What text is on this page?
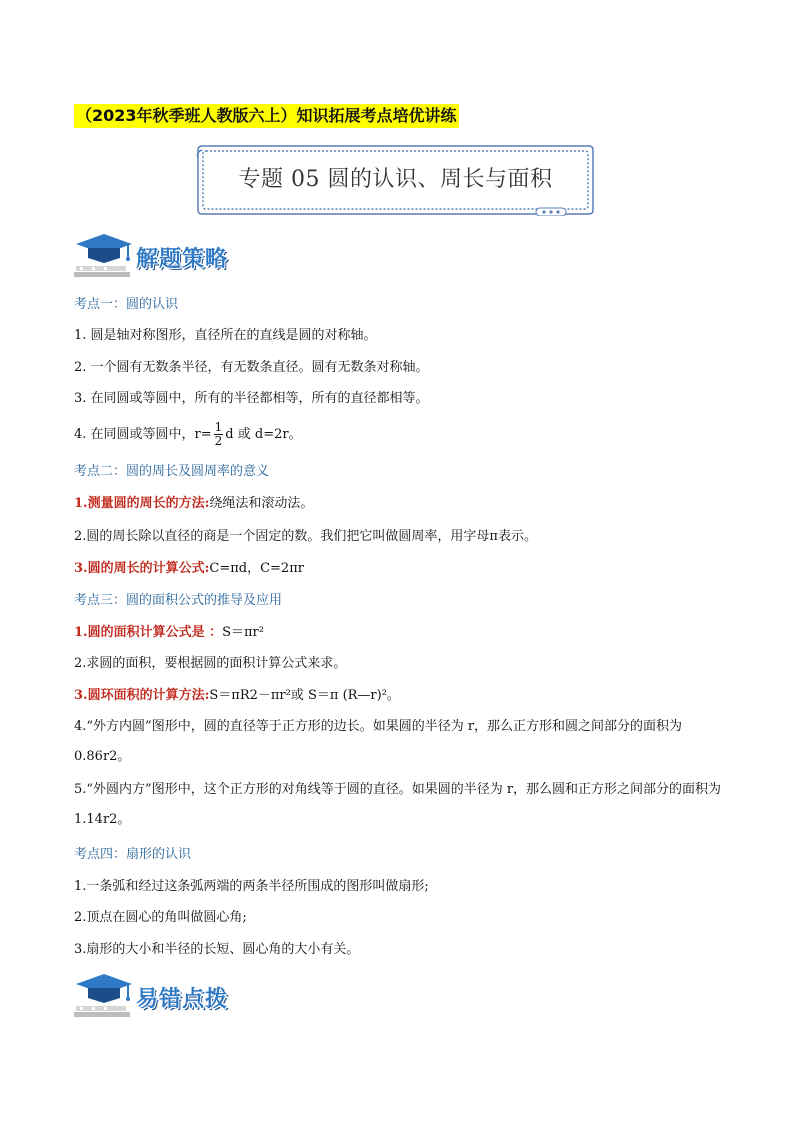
（2023年秋季班人教版六上）知识拓展考点培优讲练
专题 05 圆的认识、周长与面积
解题策略
考点一：圆的认识
1. 圆是轴对称图形，直径所在的直线是圆的对称轴。
2. 一个圆有无数条半径，有无数条直径。圆有无数条对称轴。
3. 在同圆或等圆中，所有的半径都相等，所有的直径都相等。
4. 在同圆或等圆中，$r= \frac{1}{2}$ d 或 d=2r。
考点二：圆的周长及圆周率的意义
1.测量圆的周长的方法:绕绳法和滚动法。
2.圆的周长除以直径的商是一个固定的数。我们把它叫做圆周率，用字母π表示。
3.圆的周长的计算公式:C=πd，C=2πr
考点三：圆的面积公式的推导及应用
1.圆的面积计算公式是 ：S＝πr²
2.求圆的面积，要根据圆的面积计算公式来求。
3.圆环面积的计算方法:S＝πR2－πr²或 S＝π (R—r)²。
4.“外方内圆”图形中，圆的直径等于正方形的边长。如果圆的半径为 r，那么正方形和圆之间部分的面积为 0.86r2。
5.“外圆内方”图形中，这个正方形的对角线等于圆的直径。如果圆的半径为 r，那么圆和正方形之间部分的面积为 1.14r2。
考点四：扇形的认识
1.一条弧和经过这条弧两端的两条半径所围成的图形叫做扇形;
2.顶点在圆心的角叫做圆心角;
3.扇形的大小和半径的长短、圆心角的大小有关。
易错点拨
